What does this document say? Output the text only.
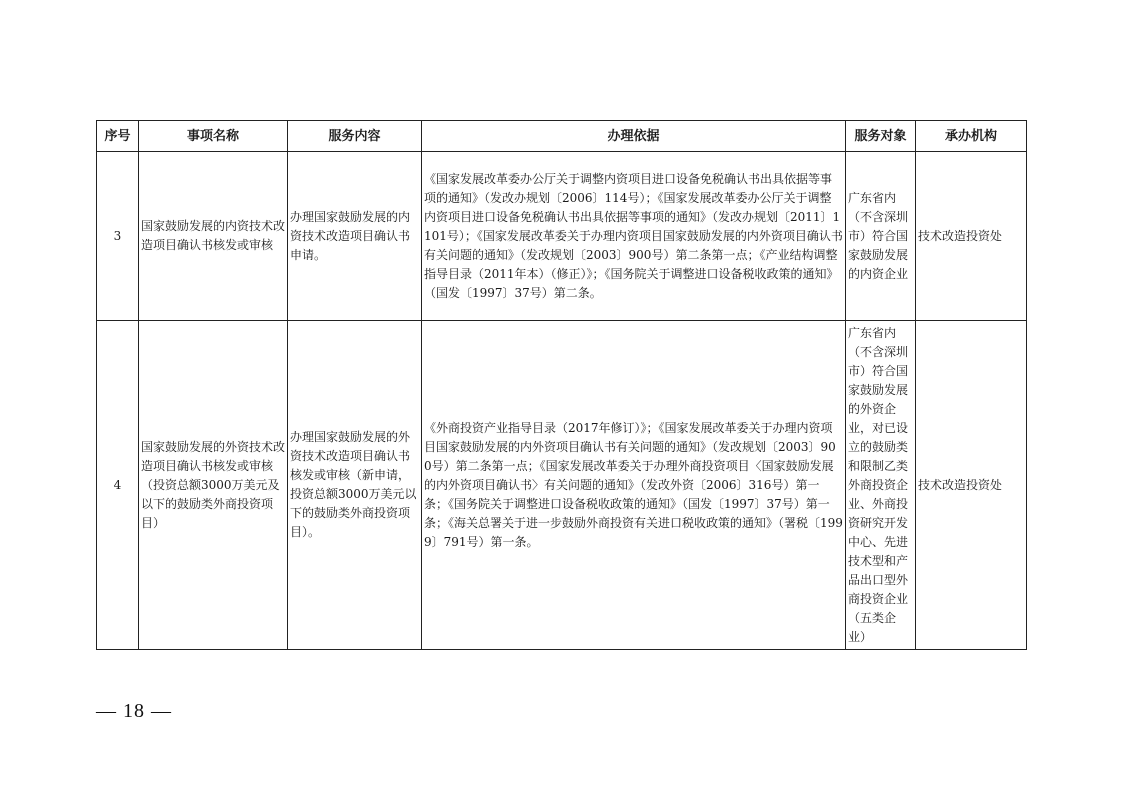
序号	事项名称	服务内容	办理依据	服务对象	承办机构
3	国家鼓励发展的内资技术改造项目确认书核发或审核	办理国家鼓励发展的内资技术改造项目确认书申请。	《国家发展改革委办公厅关于调整内资项目进口设备免税确认书出具依据等事项的通知》（发改办规划〔2006〕114号）；《国家发展改革委办公厅关于调整内资项目进口设备免税确认书出具依据等事项的通知》（发改办规划〔2011〕1101号）；《国家发展改革委关于办理内资项目国家鼓励发展的内外资项目确认书有关问题的通知》（发改规划〔2003〕900号）第二条第一点；《产业结构调整指导目录（2011年本）（修正）》；《国务院关于调整进口设备税收政策的通知》（国发〔1997〕37号）第二条。	广东省内（不含深圳市）符合国家鼓励发展的内资企业	技术改造投资处
4	国家鼓励发展的外资技术改造项目确认书核发或审核（投资总额3000万美元及以下的鼓励类外商投资项目）	办理国家鼓励发展的外资技术改造项目确认书核发或审核（新申请，投资总额3000万美元以下的鼓励类外商投资项目）。	《外商投资产业指导目录（2017年修订）》；《国家发展改革委关于办理内资项目国家鼓励发展的内外资项目确认书有关问题的通知》（发改规划〔2003〕900号）第二条第一点；《国家发展改革委关于办理外商投资项目〈国家鼓励发展的内外资项目确认书〉有关问题的通知》（发改外资〔2006〕316号）第一条；《国务院关于调整进口设备税收政策的通知》（国发〔1997〕37号）第一条；《海关总署关于进一步鼓励外商投资有关进口税收政策的通知》（署税〔1999〕791号）第一条。	广东省内（不含深圳市）符合国家鼓励发展的外资企业，对已设立的鼓励类和限制乙类外商投资企业、外商投资研究开发中心、先进技术型和产品出口型外商投资企业（五类企业）	技术改造投资处
— 18 —
